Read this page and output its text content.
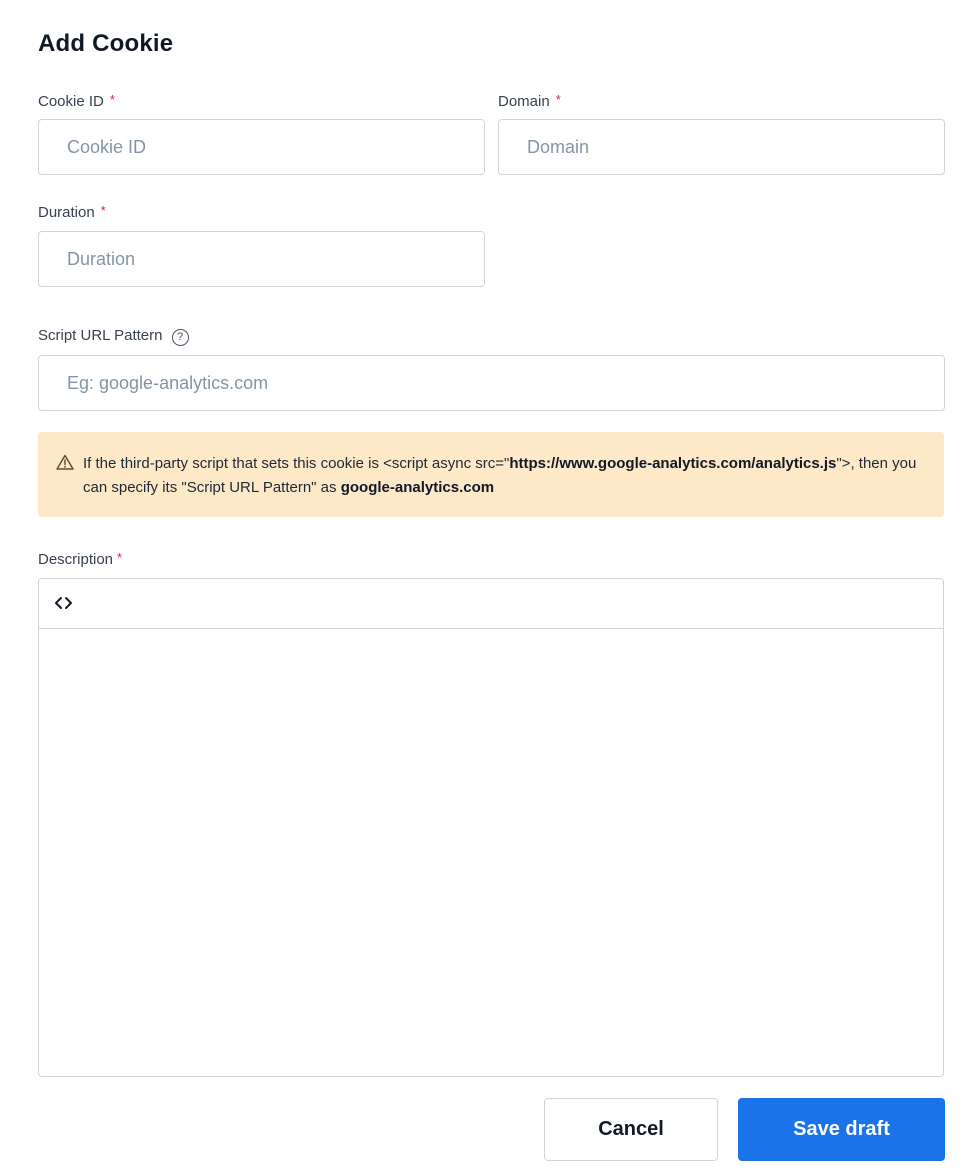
Add Cookie
Cookie ID *
Cookie ID	Domain *
Domain
Duration *
Duration
Script URL Pattern ?
Eg: google-analytics.com
If the third-party script that sets this cookie is <script async src="https://www.google-analytics.com/analytics.js">, then you can specify its "Script URL Pattern" as google-analytics.com
Description *
Cancel	Save draft
